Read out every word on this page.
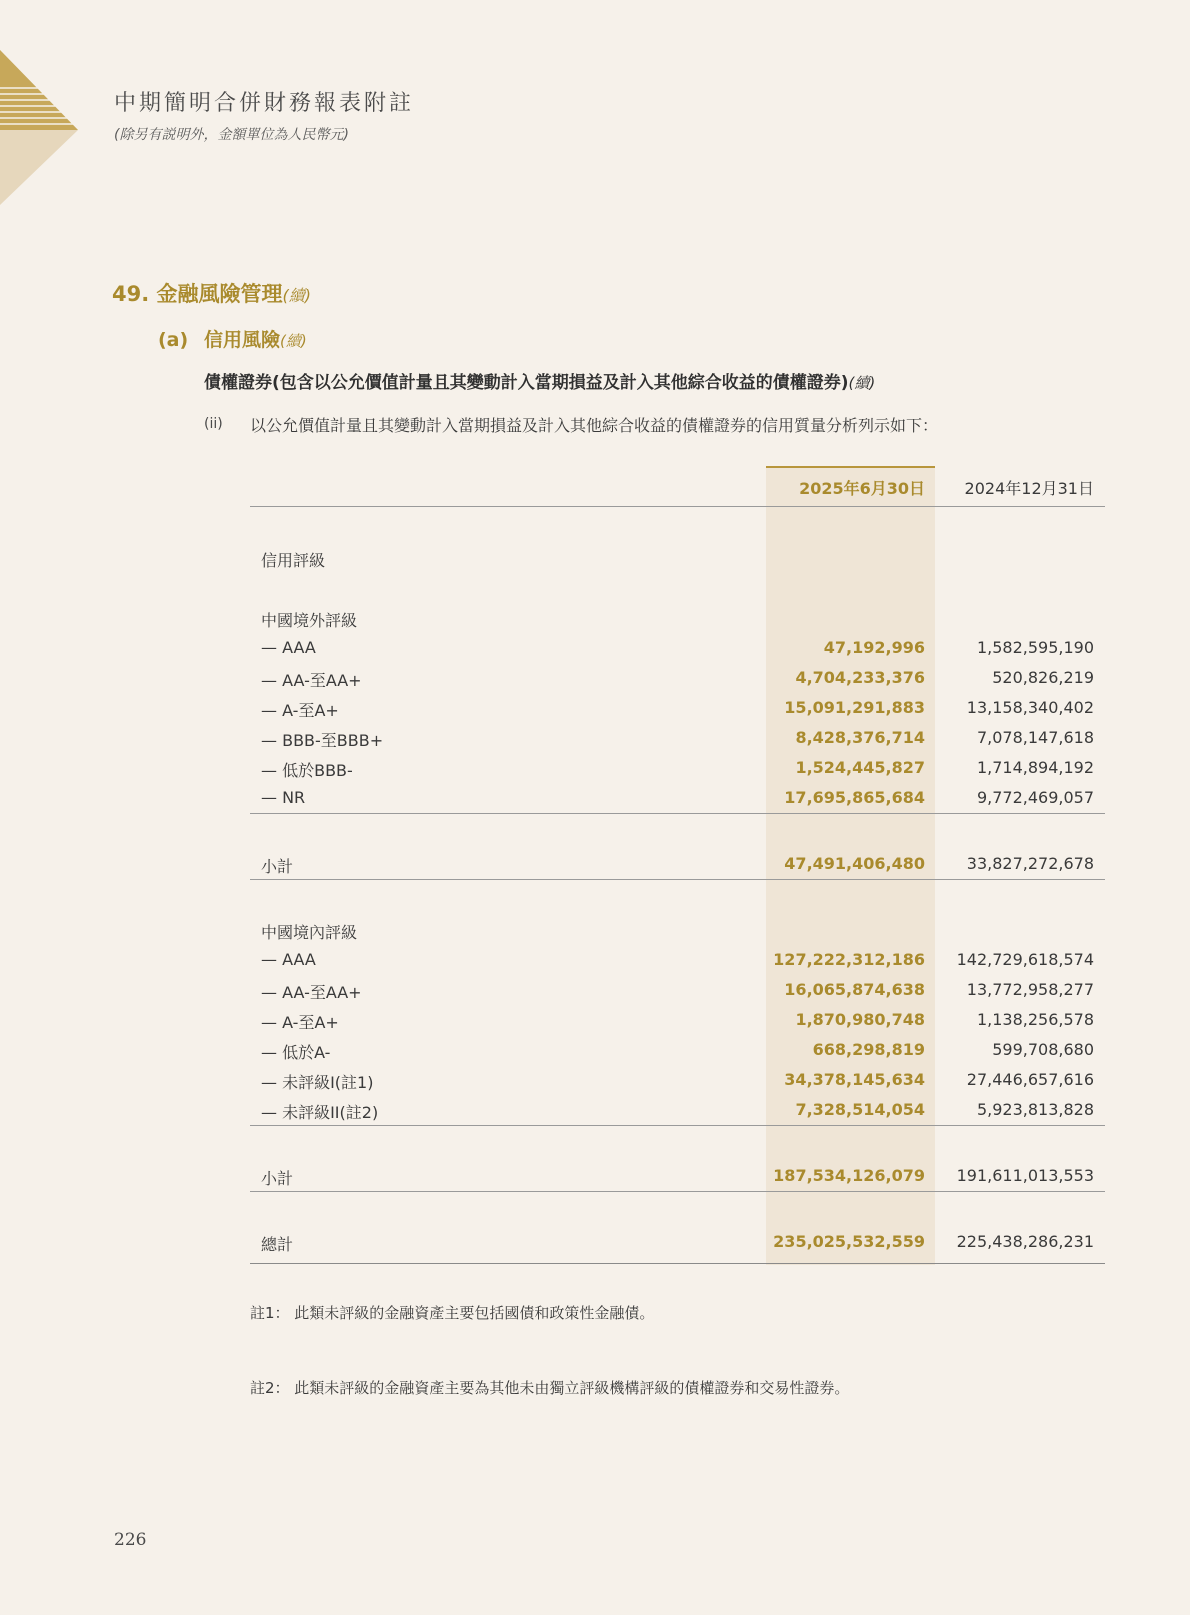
中期簡明合併財務報表附註
(除另有説明外，金額單位為人民幣元)
49. 金融風險管理(續)
(a) 信用風險(續)
債權證券(包含以公允價值計量且其變動計入當期損益及計入其他綜合收益的債權證券)(續)
(ii) 以公允價值計量且其變動計入當期損益及計入其他綜合收益的債權證券的信用質量分析列示如下：
2025年6月30日 2024年12月31日
信用評級
中國境外評級
— AAA	47,192,996	1,582,595,190
— AA-至AA+	4,704,233,376	520,826,219
— A-至A+	15,091,291,883	13,158,340,402
— BBB-至BBB+	8,428,376,714	7,078,147,618
— 低於BBB-	1,524,445,827	1,714,894,192
— NR	17,695,865,684	9,772,469,057
小計	47,491,406,480	33,827,272,678
中國境內評級
— AAA	127,222,312,186 142,729,618,574
— AA-至AA+	16,065,874,638	13,772,958,277
— A-至A+	1,870,980,748	1,138,256,578
— 低於A-	668,298,819	599,708,680
— 未評級I(註1)	34,378,145,634	27,446,657,616
— 未評級II(註2)	7,328,514,054	5,923,813,828
小計	187,534,126,079 191,611,013,553
總計	235,025,532,559 225,438,286,231
註1： 此類未評級的金融資產主要包括國債和政策性金融債。
註2： 此類未評級的金融資產主要為其他未由獨立評級機構評級的債權證券和交易性證券。
226
